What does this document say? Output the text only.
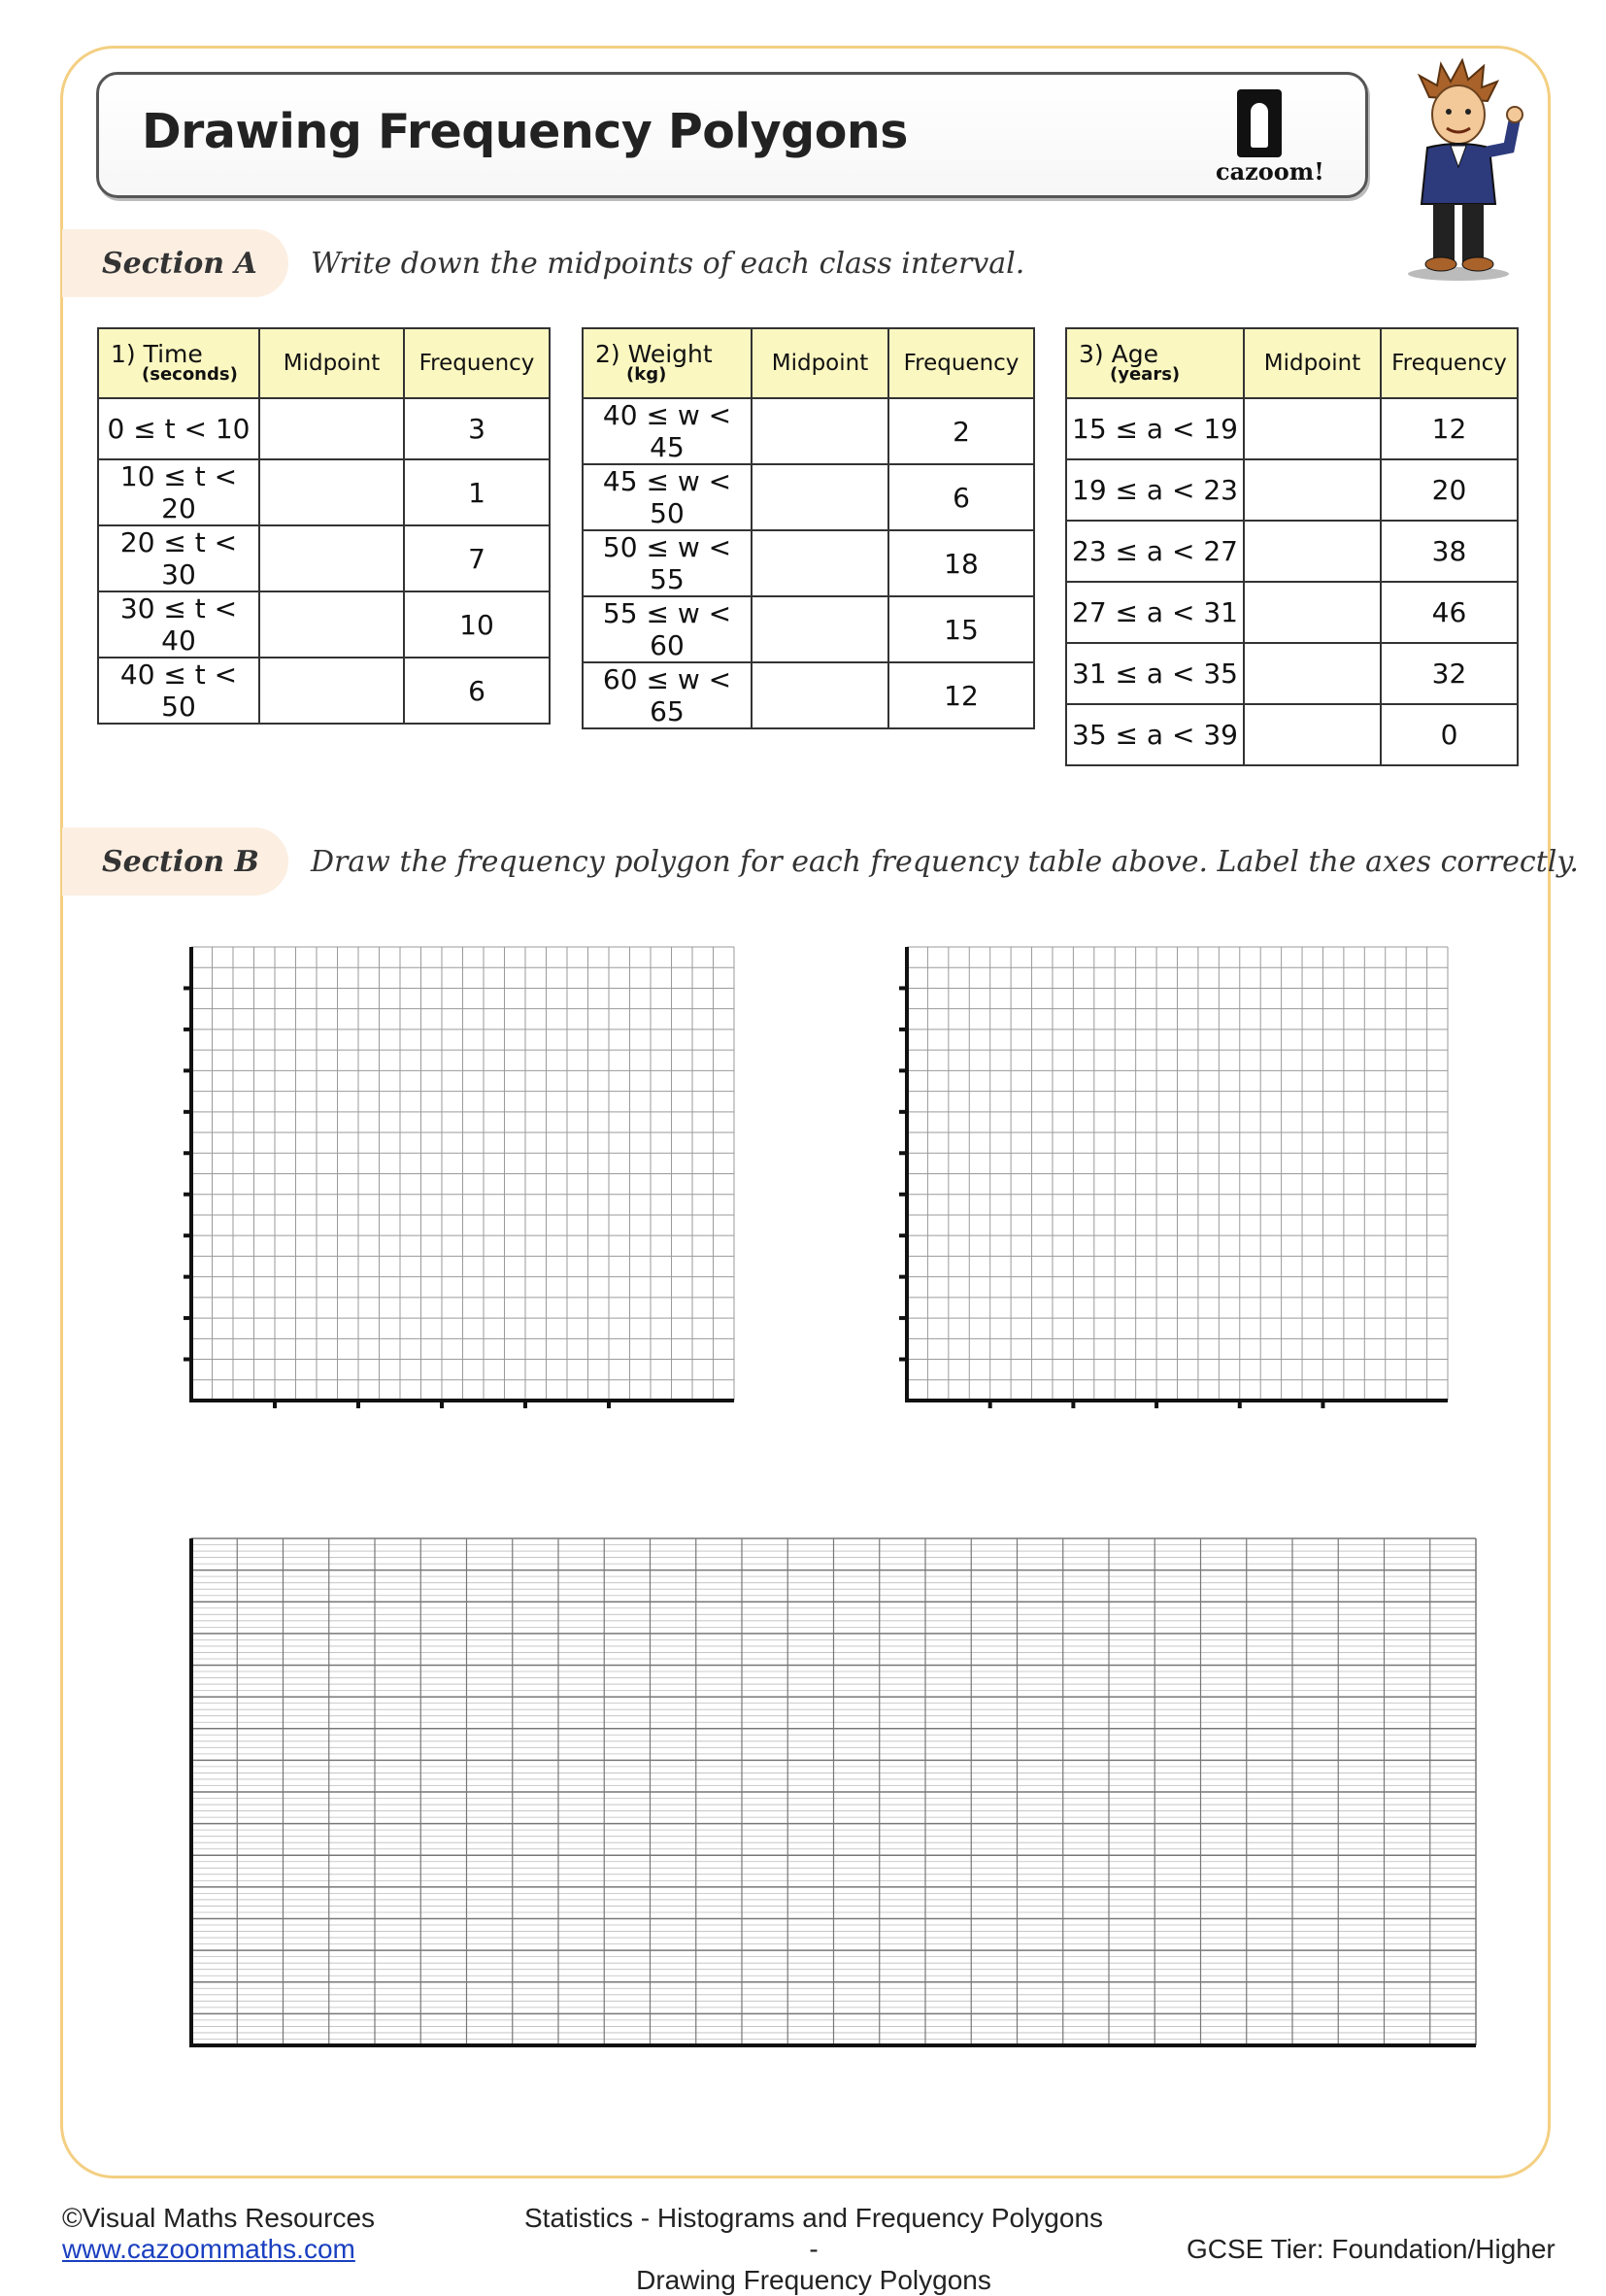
Drawing Frequency Polygons
cazoom!
Section A Write down the midpoints of each class interval.
1) Time
(seconds)	Midpoint	Frequency
0 ≤ t < 10		3
10 ≤ t < 20		1
20 ≤ t < 30		7
30 ≤ t < 40		10
40 ≤ t < 50		6
2) Weight
(kg)	Midpoint	Frequency
40 ≤ w < 45		2
45 ≤ w < 50		6
50 ≤ w < 55		18
55 ≤ w < 60		15
60 ≤ w < 65		12
3) Age
(years)	Midpoint	Frequency
15 ≤ a < 19		12
19 ≤ a < 23		20
23 ≤ a < 27		38
27 ≤ a < 31		46
31 ≤ a < 35		32
35 ≤ a < 39		0
Section B Draw the frequency polygon for each frequency table above. Label the axes correctly.
©Visual Maths Resources
www.cazoommaths.com
Statistics - Histograms and Frequency Polygons -
Drawing Frequency Polygons
GCSE Tier: Foundation/Higher
